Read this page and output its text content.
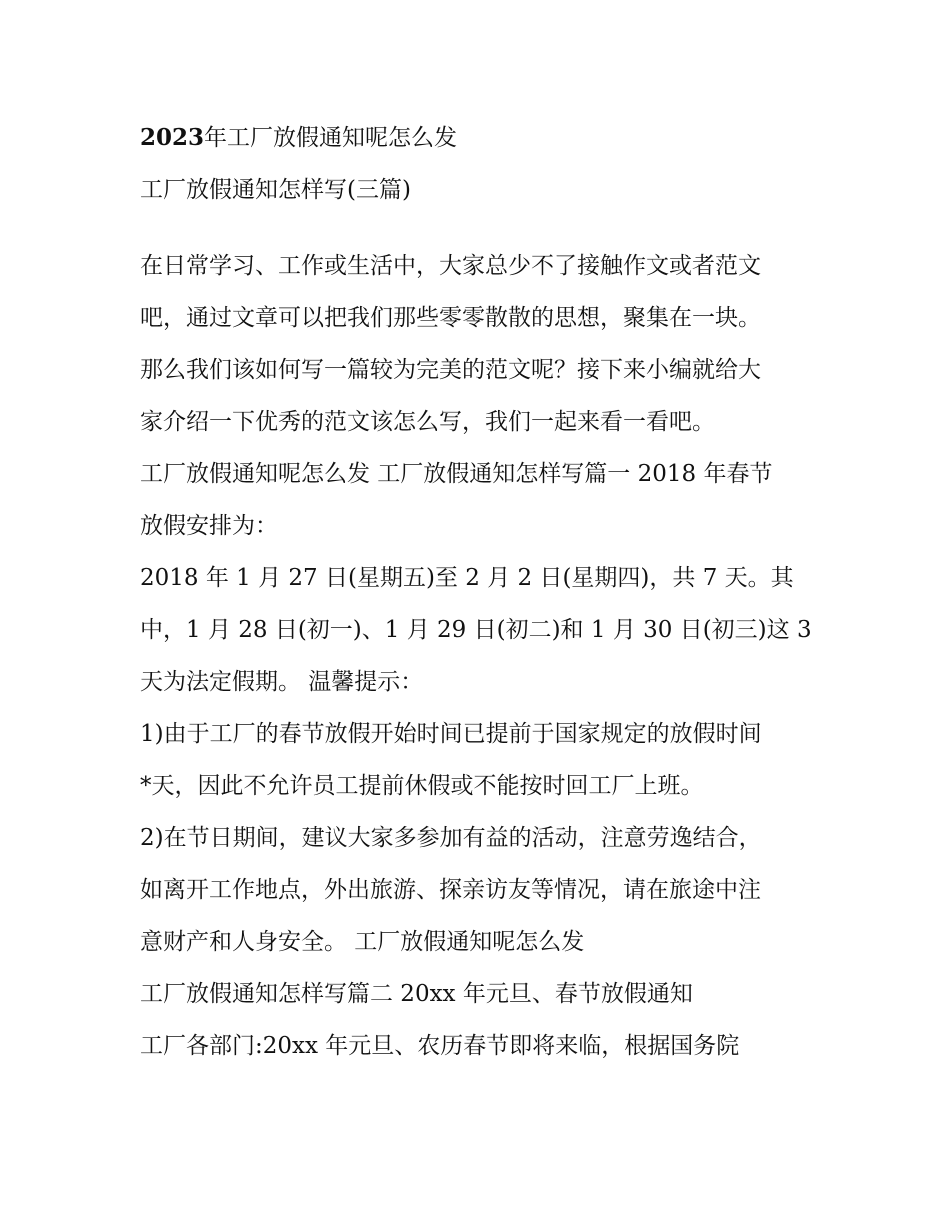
2023年工厂放假通知呢怎么发
工厂放假通知怎样写(三篇)
在日常学习、工作或生活中，大家总少不了接触作文或者范文
吧，通过文章可以把我们那些零零散散的思想，聚集在一块。
那么我们该如何写一篇较为完美的范文呢？接下来小编就给大
家介绍一下优秀的范文该怎么写，我们一起来看一看吧。
工厂放假通知呢怎么发 工厂放假通知怎样写篇一 2018 年春节
放假安排为：
2018 年 1 月 27 日(星期五)至 2 月 2 日(星期四)，共 7 天。其
中，1 月 28 日(初一)、1 月 29 日(初二)和 1 月 30 日(初三)这 3
天为法定假期。 温馨提示：
1)由于工厂的春节放假开始时间已提前于国家规定的放假时间
*天，因此不允许员工提前休假或不能按时回工厂上班。
2)在节日期间，建议大家多参加有益的活动，注意劳逸结合，
如离开工作地点，外出旅游、探亲访友等情况，请在旅途中注
意财产和人身安全。 工厂放假通知呢怎么发
工厂放假通知怎样写篇二 20xx 年元旦、春节放假通知
工厂各部门:20xx 年元旦、农历春节即将来临，根据国务院
